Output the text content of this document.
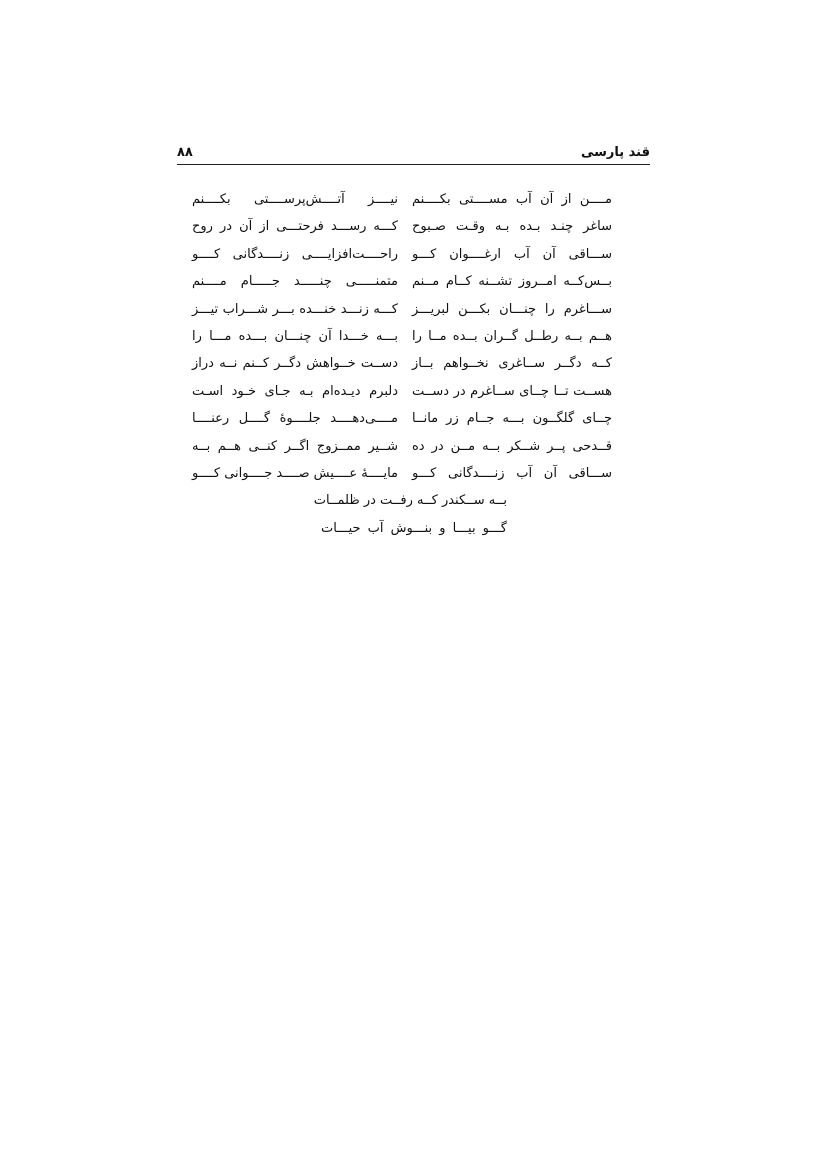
قند پارسی
۸۸
مــــن از آن آب مســــتی بکــــنم
نیــــز آتــــش‌پرســــتی بکــــنم
ساغر چنـد بـده بـه وقـت صـبوح
کـــه رســـد فرحتـــی از آن در روح
ســـاقی آن آب ارغــــوان کـــو
راحــــت‌افزایــــی زنــــدگانی کــــو
بــس‌کــه امــروز تشــنه کــام مــنم
متمنـــــی چنـــــد جـــــام مــــنم
ســـاغرم را چنـــان بکـــن لبریـــز
کـــه زنـــد خنـــده بـــر شـــراب تیـــز
هــم بــه رطــل گــران بــده مــا را
بـــه خـــدا آن چنـــان بـــده مـــا را
کــه دگــر ســاغری نخــواهم بــاز
دســت خــواهش دگــر کــنم نــه دراز
هســت تــا چــای ســاغرم در دســت
دلبرم دیـده‌ام بـه جـای خـود اسـت
چــای گلگــون بـــه جــام زر مانــا
مــــی‌دهــــد جلــــوۀ گــــل رعنــــا
قــدحی پــر شــکر بــه مــن در ده
شــیر ممــزوج اگــر کنــی هــم بــه
ســـاقی آن آب زنــــدگانی کـــو
مایــــهٔ عــــیش صــــد جــــوانی کــــو
بــه ســکندر کــه رفــت در ظلمــات
گـــو بیـــا و بنـــوش آب حیـــات
